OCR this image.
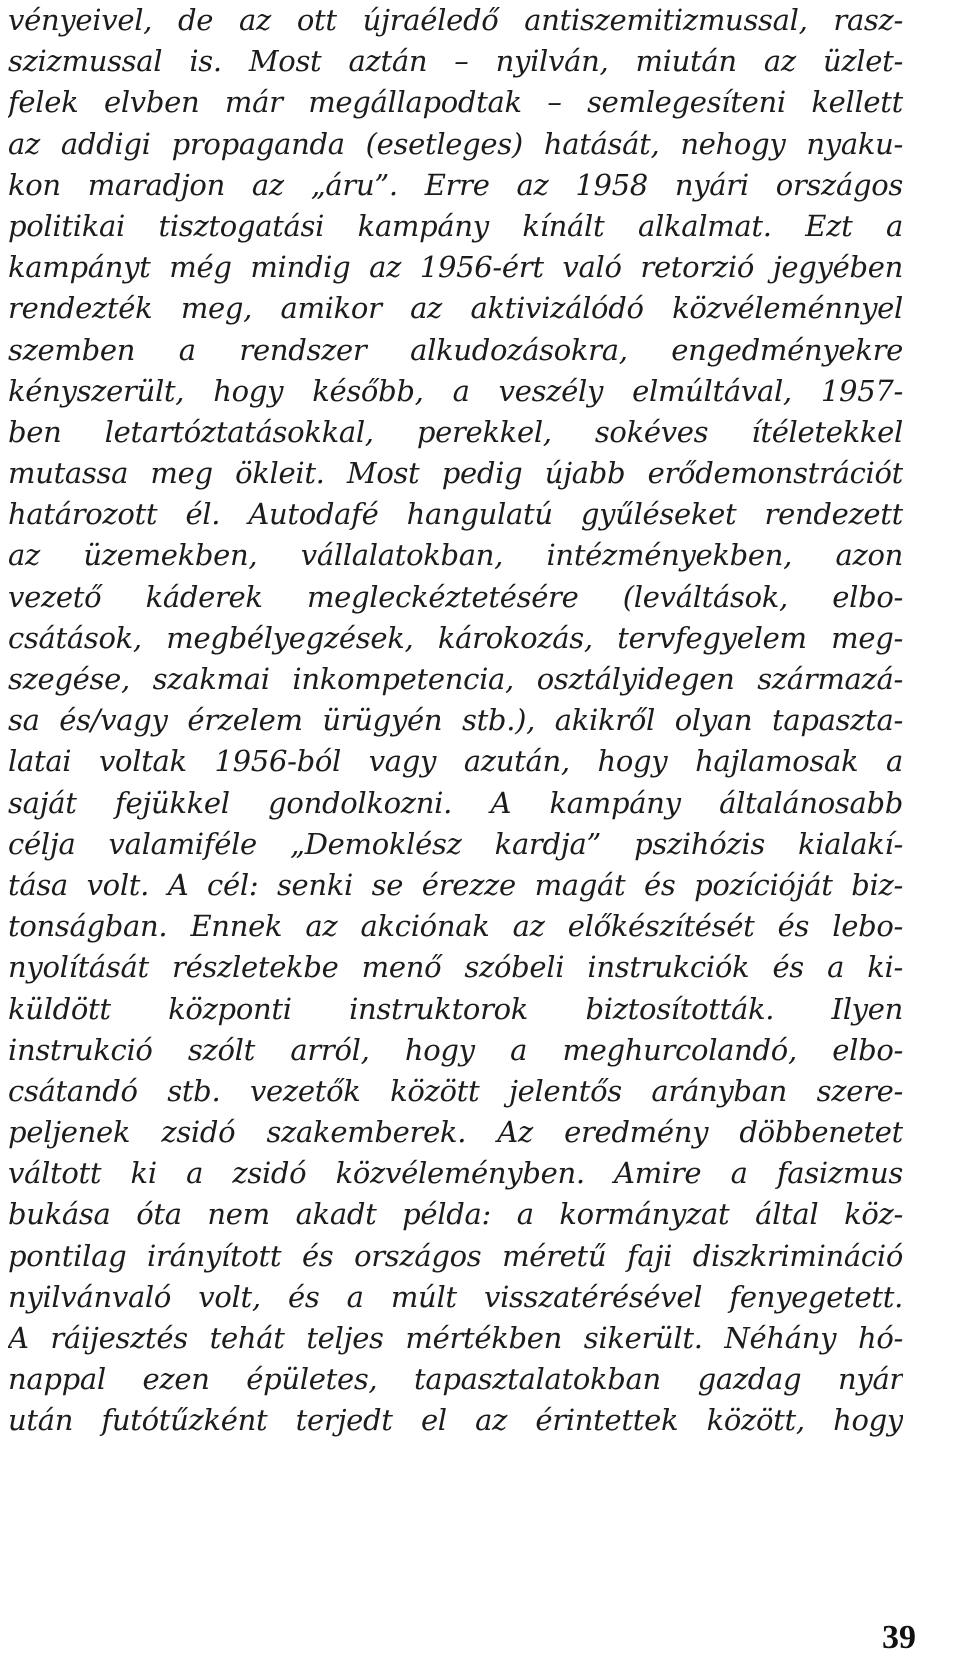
vényeivel, de az ott újraéledő antiszemitizmussal, rasz-
szizmussal is. Most aztán – nyilván, miután az üzlet-
felek elvben már megállapodtak – semlegesíteni kellett
az addigi propaganda (esetleges) hatását, nehogy nyaku-
kon maradjon az „áru”. Erre az 1958 nyári országos
politikai tisztogatási kampány kínált alkalmat. Ezt a
kampányt még mindig az 1956-ért való retorzió jegyében
rendezték meg, amikor az aktivizálódó közvéleménnyel
szemben a rendszer alkudozásokra, engedményekre
kényszerült, hogy később, a veszély elmúltával, 1957-
ben letartóztatásokkal, perekkel, sokéves ítéletekkel
mutassa meg ökleit. Most pedig újabb erődemonstrációt
határozott él. Autodafé hangulatú gyűléseket rendezett
az üzemekben, vállalatokban, intézményekben, azon
vezető káderek megleckéztetésére (leváltások, elbo-
csátások, megbélyegzések, károkozás, tervfegyelem meg-
szegése, szakmai inkompetencia, osztályidegen származá-
sa és/vagy érzelem ürügyén stb.), akikről olyan tapaszta-
latai voltak 1956-ból vagy azután, hogy hajlamosak a
saját fejükkel gondolkozni. A kampány általánosabb
célja valamiféle „Demoklész kardja” pszihózis kialakí-
tása volt. A cél: senki se érezze magát és pozícióját biz-
tonságban. Ennek az akciónak az előkészítését és lebo-
nyolítását részletekbe menő szóbeli instrukciók és a ki-
küldött központi instruktorok biztosították. Ilyen
instrukció szólt arról, hogy a meghurcolandó, elbo-
csátandó stb. vezetők között jelentős arányban szere-
peljenek zsidó szakemberek. Az eredmény döbbenetet
váltott ki a zsidó közvéleményben. Amire a fasizmus
bukása óta nem akadt példa: a kormányzat által köz-
pontilag irányított és országos méretű faji diszkrimináció
nyilvánvaló volt, és a múlt visszatérésével fenyegetett.
A ráijesztés tehát teljes mértékben sikerült. Néhány hó-
nappal ezen épületes, tapasztalatokban gazdag nyár
után futótűzként terjedt el az érintettek között, hogy
39
